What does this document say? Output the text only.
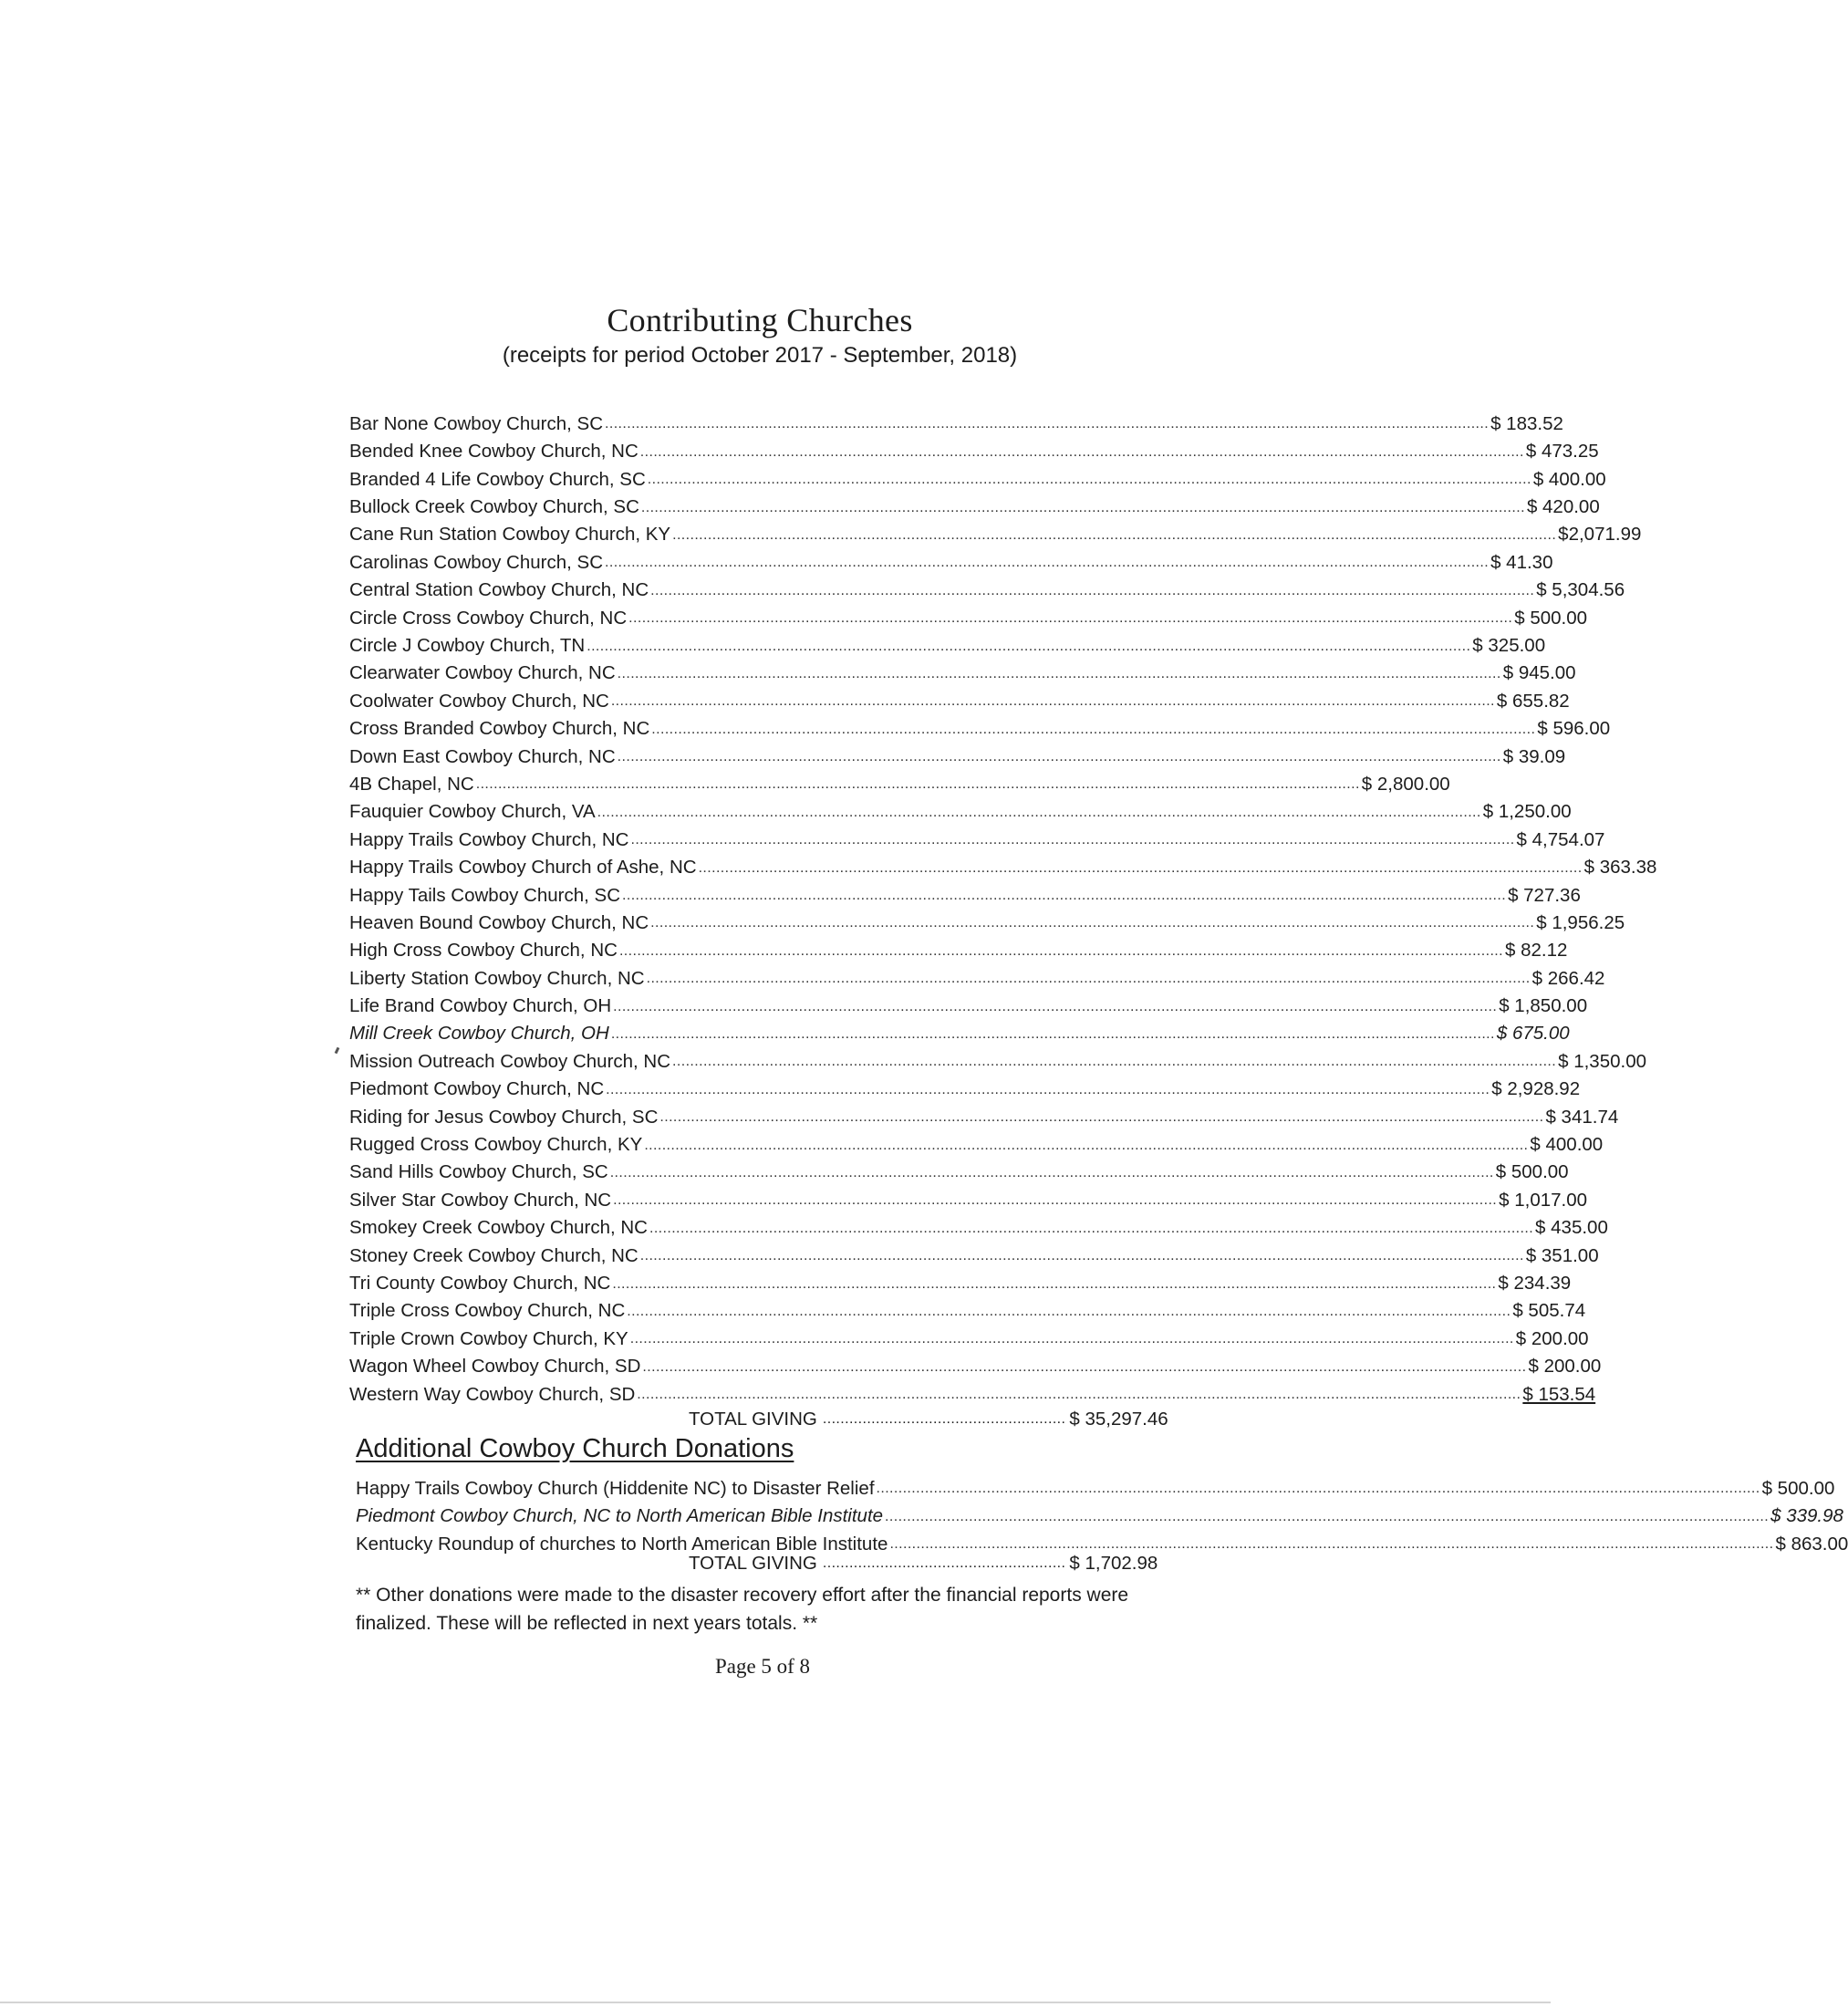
Contributing Churches
(receipts for period October 2017 - September, 2018)
Bar None Cowboy Church, SC ........................................................................................................................................................................................................ $ 183.52
Bended Knee Cowboy Church, NC ........................................................................................................................................................................................................ $ 473.25
Branded 4 Life Cowboy Church, SC ........................................................................................................................................................................................................ $ 400.00
Bullock Creek Cowboy Church, SC ........................................................................................................................................................................................................ $ 420.00
Cane Run Station Cowboy Church, KY ........................................................................................................................................................................................................ $2,071.99
Carolinas Cowboy Church, SC ........................................................................................................................................................................................................ $ 41.30
Central Station Cowboy Church, NC ........................................................................................................................................................................................................ $ 5,304.56
Circle Cross Cowboy Church, NC ........................................................................................................................................................................................................ $ 500.00
Circle J Cowboy Church, TN ........................................................................................................................................................................................................ $ 325.00
Clearwater Cowboy Church, NC ........................................................................................................................................................................................................ $ 945.00
Coolwater Cowboy Church, NC ........................................................................................................................................................................................................ $ 655.82
Cross Branded Cowboy Church, NC ........................................................................................................................................................................................................ $ 596.00
Down East Cowboy Church, NC ........................................................................................................................................................................................................ $ 39.09
4B Chapel, NC ........................................................................................................................................................................................................ $ 2,800.00
Fauquier Cowboy Church, VA ........................................................................................................................................................................................................ $ 1,250.00
Happy Trails Cowboy Church, NC ........................................................................................................................................................................................................ $ 4,754.07
Happy Trails Cowboy Church of Ashe, NC ........................................................................................................................................................................................................ $ 363.38
Happy Tails Cowboy Church, SC ........................................................................................................................................................................................................ $ 727.36
Heaven Bound Cowboy Church, NC ........................................................................................................................................................................................................ $ 1,956.25
High Cross Cowboy Church, NC ........................................................................................................................................................................................................ $ 82.12
Liberty Station Cowboy Church, NC ........................................................................................................................................................................................................ $ 266.42
Life Brand Cowboy Church, OH ........................................................................................................................................................................................................ $ 1,850.00
Mill Creek Cowboy Church, OH ........................................................................................................................................................................................................ $ 675.00
Mission Outreach Cowboy Church, NC ........................................................................................................................................................................................................ $ 1,350.00
Piedmont Cowboy Church, NC ........................................................................................................................................................................................................ $ 2,928.92
Riding for Jesus Cowboy Church, SC ........................................................................................................................................................................................................ $ 341.74
Rugged Cross Cowboy Church, KY ........................................................................................................................................................................................................ $ 400.00
Sand Hills Cowboy Church, SC ........................................................................................................................................................................................................ $ 500.00
Silver Star Cowboy Church, NC ........................................................................................................................................................................................................ $ 1,017.00
Smokey Creek Cowboy Church, NC ........................................................................................................................................................................................................ $ 435.00
Stoney Creek Cowboy Church, NC ........................................................................................................................................................................................................ $ 351.00
Tri County Cowboy Church, NC ........................................................................................................................................................................................................ $ 234.39
Triple Cross Cowboy Church, NC ........................................................................................................................................................................................................ $ 505.74
Triple Crown Cowboy Church, KY ........................................................................................................................................................................................................ $ 200.00
Wagon Wheel Cowboy Church, SD ........................................................................................................................................................................................................ $ 200.00
Western Way Cowboy Church, SD ........................................................................................................................................................................................................ $ 153.54
TOTAL GIVING ....................................................... $ 35,297.46
Additional Cowboy Church Donations
Happy Trails Cowboy Church (Hiddenite NC) to Disaster Relief ........................................................................................................................................................................................................ $ 500.00
Piedmont Cowboy Church, NC to North American Bible Institute ........................................................................................................................................................................................................ $ 339.98
Kentucky Roundup of churches to North American Bible Institute ........................................................................................................................................................................................................ $ 863.00
TOTAL GIVING ....................................................... $ 1,702.98
** Other donations were made to the disaster recovery effort after the financial reports were finalized. These will be reflected in next years totals. **
Page 5 of 8
